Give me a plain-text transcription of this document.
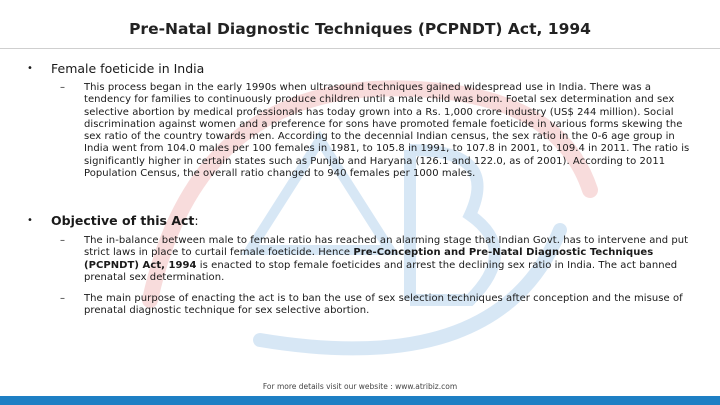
Pre-Natal Diagnostic Techniques (PCPNDT) Act, 1994
• Female foeticide in India
– This process began in the early 1990s when ultrasound techniques gained widespread use in India. There was a tendency for families to continuously produce children until a male child was born. Foetal sex determination and sex selective abortion by medical professionals has today grown into a Rs. 1,000 crore industry (US$ 244 million). Social discrimination against women and a preference for sons have promoted female foeticide in various forms skewing the sex ratio of the country towards men. According to the decennial Indian census, the sex ratio in the 0-6 age group in India went from 104.0 males per 100 females in 1981, to 105.8 in 1991, to 107.8 in 2001, to 109.4 in 2011. The ratio is significantly higher in certain states such as Punjab and Haryana (126.1 and 122.0, as of 2001). According to 2011 Population Census, the overall ratio changed to 940 females per 1000 males.
• Objective of this Act:
– The in-balance between male to female ratio has reached an alarming stage that Indian Govt. has to intervene and put strict laws in place to curtail female foeticide. Hence Pre-Conception and Pre-Natal Diagnostic Techniques (PCPNDT) Act, 1994 is enacted to stop female foeticides and arrest the declining sex ratio in India. The act banned prenatal sex determination.
– The main purpose of enacting the act is to ban the use of sex selection techniques after conception and the misuse of prenatal diagnostic technique for sex selective abortion.
For more details visit our website : www.atribiz.com
